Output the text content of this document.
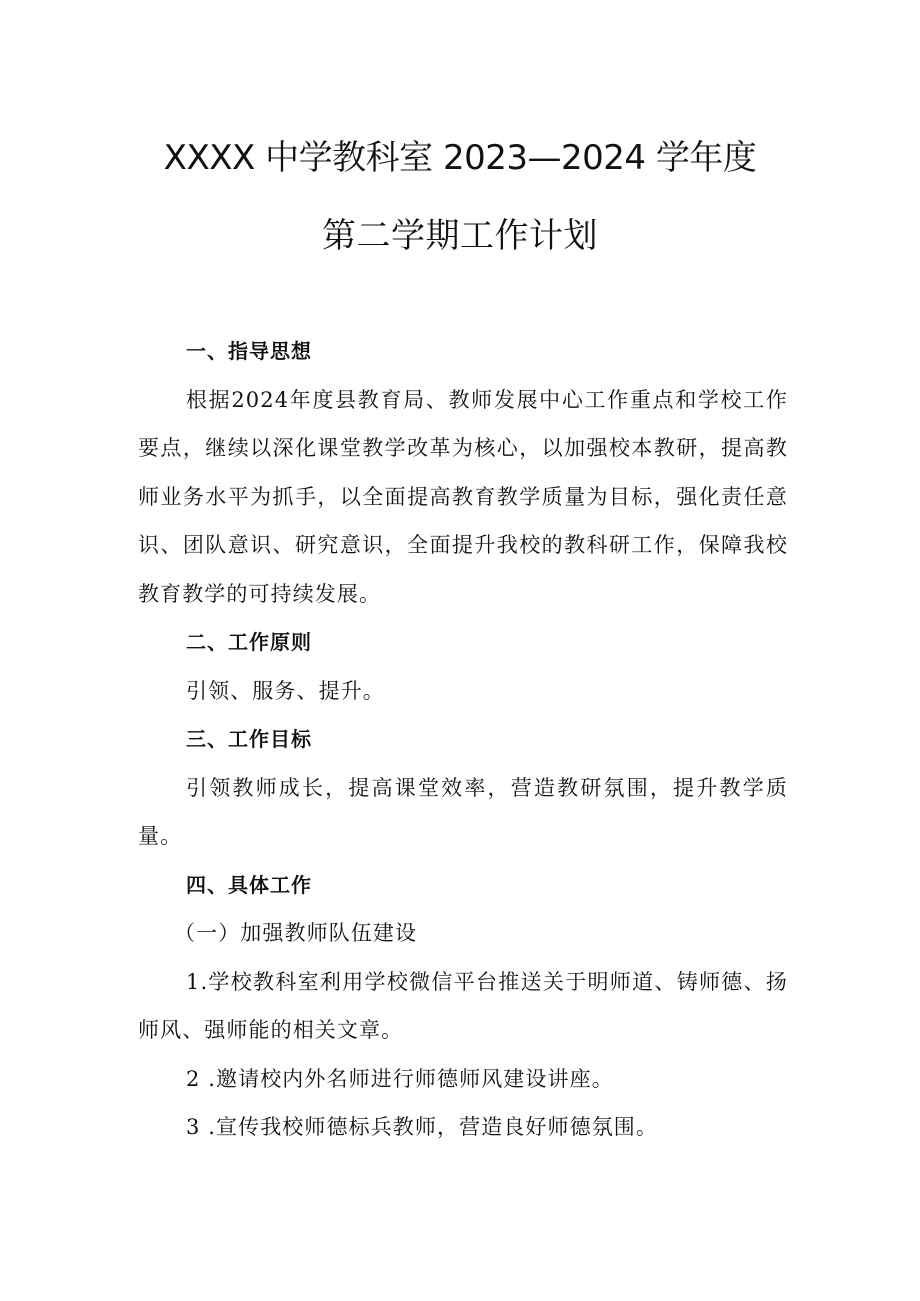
XXXX 中学教科室 2023—2024 学年度
第二学期工作计划

一、指导思想

根据2024年度县教育局、教师发展中心工作重点和学校工作要点，继续以深化课堂教学改革为核心，以加强校本教研，提高教师业务水平为抓手，以全面提高教育教学质量为目标，强化责任意识、团队意识、研究意识，全面提升我校的教科研工作，保障我校教育教学的可持续发展。

二、工作原则

引领、服务、提升。

三、工作目标

引领教师成长，提高课堂效率，营造教研氛围，提升教学质量。

四、具体工作

（一）加强教师队伍建设

1.学校教科室利用学校微信平台推送关于明师道、铸师德、扬师风、强师能的相关文章。

2 .邀请校内外名师进行师德师风建设讲座。

3 .宣传我校师德标兵教师，营造良好师德氛围。
